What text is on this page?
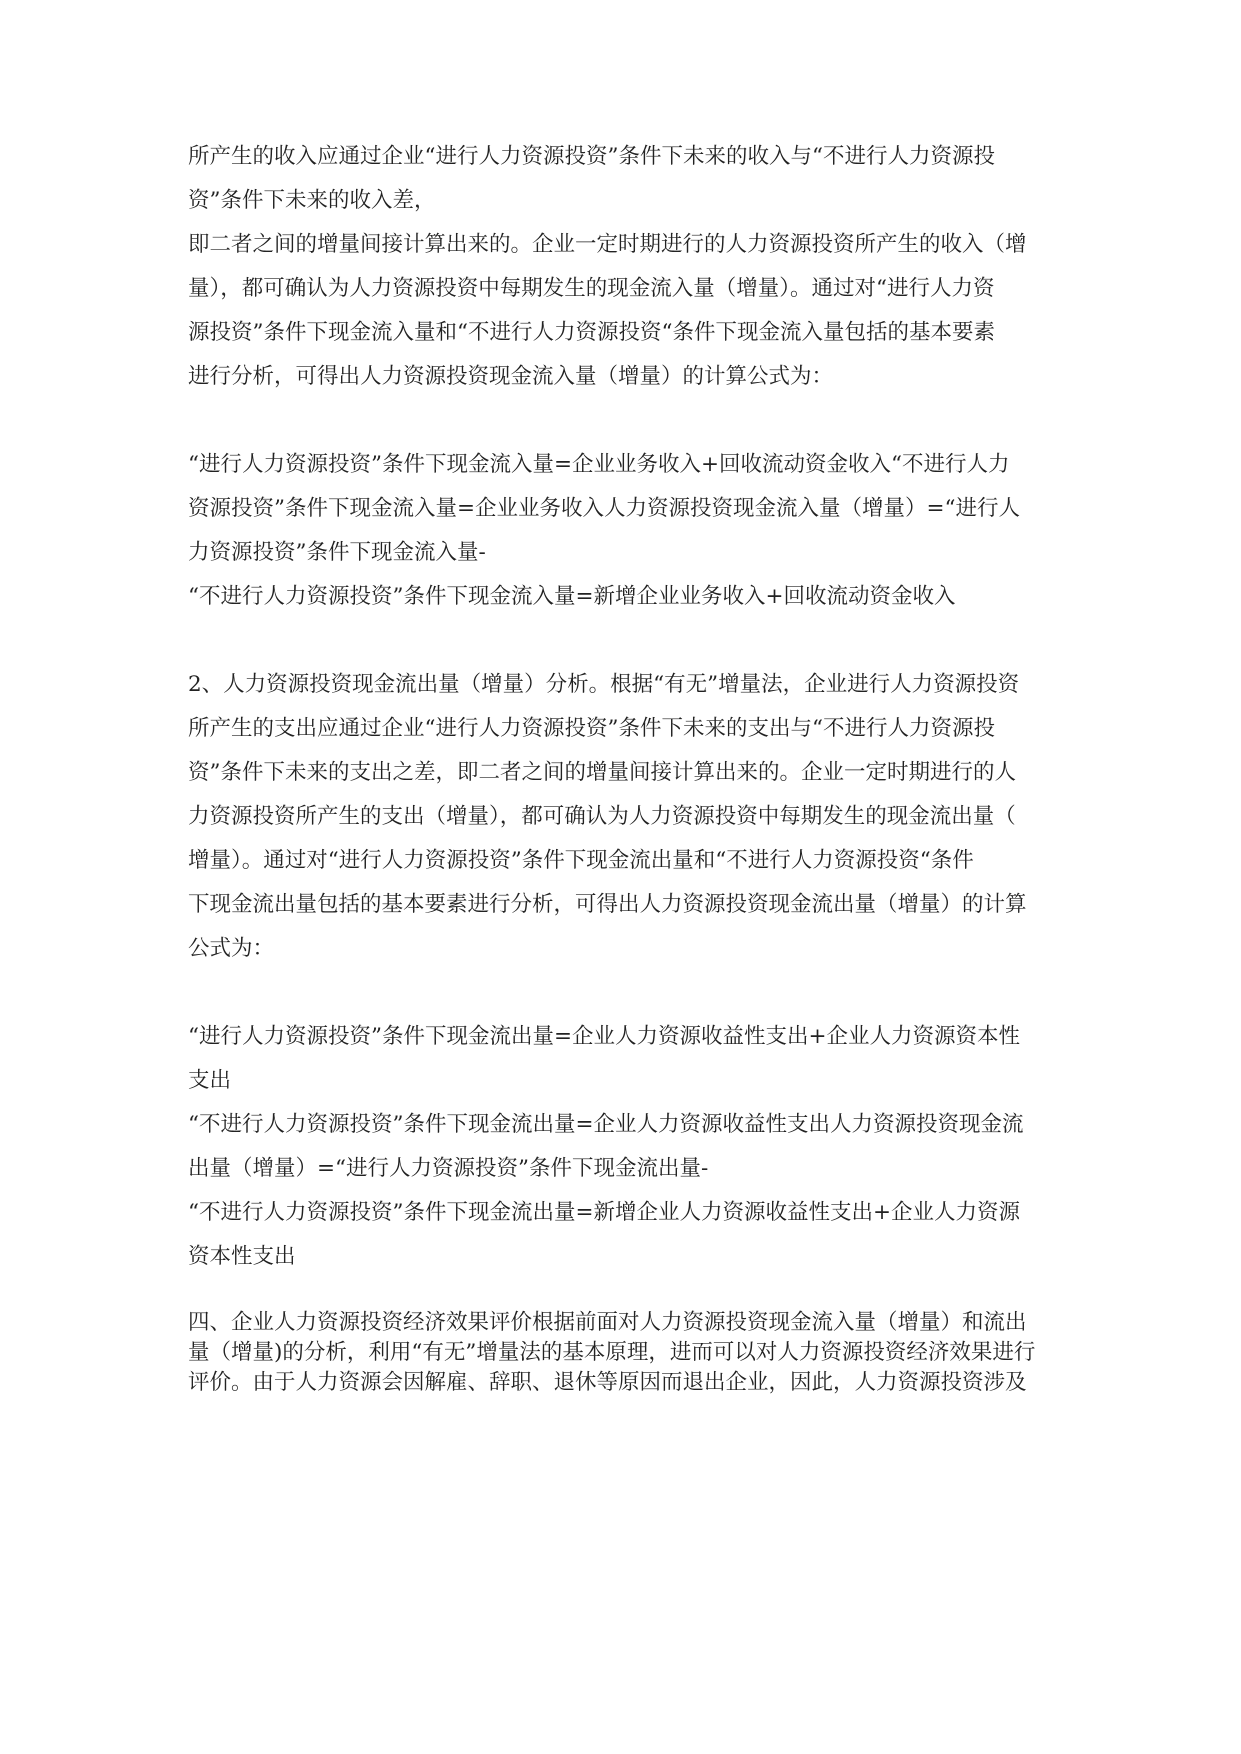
所产生的收入应通过企业“进行人力资源投资”条件下未来的收入与“不进行人力资源投
资”条件下未来的收入差，
即二者之间的增量间接计算出来的。企业一定时期进行的人力资源投资所产生的收入（增
量），都可确认为人力资源投资中每期发生的现金流入量（增量）。通过对“进行人力资
源投资”条件下现金流入量和“不进行人力资源投资“条件下现金流入量包括的基本要素
进行分析，可得出人力资源投资现金流入量（增量）的计算公式为：
“进行人力资源投资”条件下现金流入量=企业业务收入+回收流动资金收入“不进行人力
资源投资”条件下现金流入量=企业业务收入人力资源投资现金流入量（增量）=“进行人
力资源投资”条件下现金流入量-
“不进行人力资源投资”条件下现金流入量=新增企业业务收入+回收流动资金收入
2、人力资源投资现金流出量（增量）分析。根据“有无”增量法，企业进行人力资源投资
所产生的支出应通过企业“进行人力资源投资”条件下未来的支出与“不进行人力资源投
资”条件下未来的支出之差，即二者之间的增量间接计算出来的。企业一定时期进行的人
力资源投资所产生的支出（增量），都可确认为人力资源投资中每期发生的现金流出量（
增量）。通过对“进行人力资源投资”条件下现金流出量和“不进行人力资源投资“条件
下现金流出量包括的基本要素进行分析，可得出人力资源投资现金流出量（增量）的计算
公式为：
“进行人力资源投资”条件下现金流出量=企业人力资源收益性支出+企业人力资源资本性
支出
“不进行人力资源投资”条件下现金流出量=企业人力资源收益性支出人力资源投资现金流
出量（增量）=“进行人力资源投资”条件下现金流出量-
“不进行人力资源投资”条件下现金流出量=新增企业人力资源收益性支出+企业人力资源
资本性支出
四、企业人力资源投资经济效果评价根据前面对人力资源投资现金流入量（增量）和流出
量（增量)的分析，利用“有无”增量法的基本原理，进而可以对人力资源投资经济效果进行
评价。由于人力资源会因解雇、辞职、退休等原因而退出企业，因此，人力资源投资涉及
